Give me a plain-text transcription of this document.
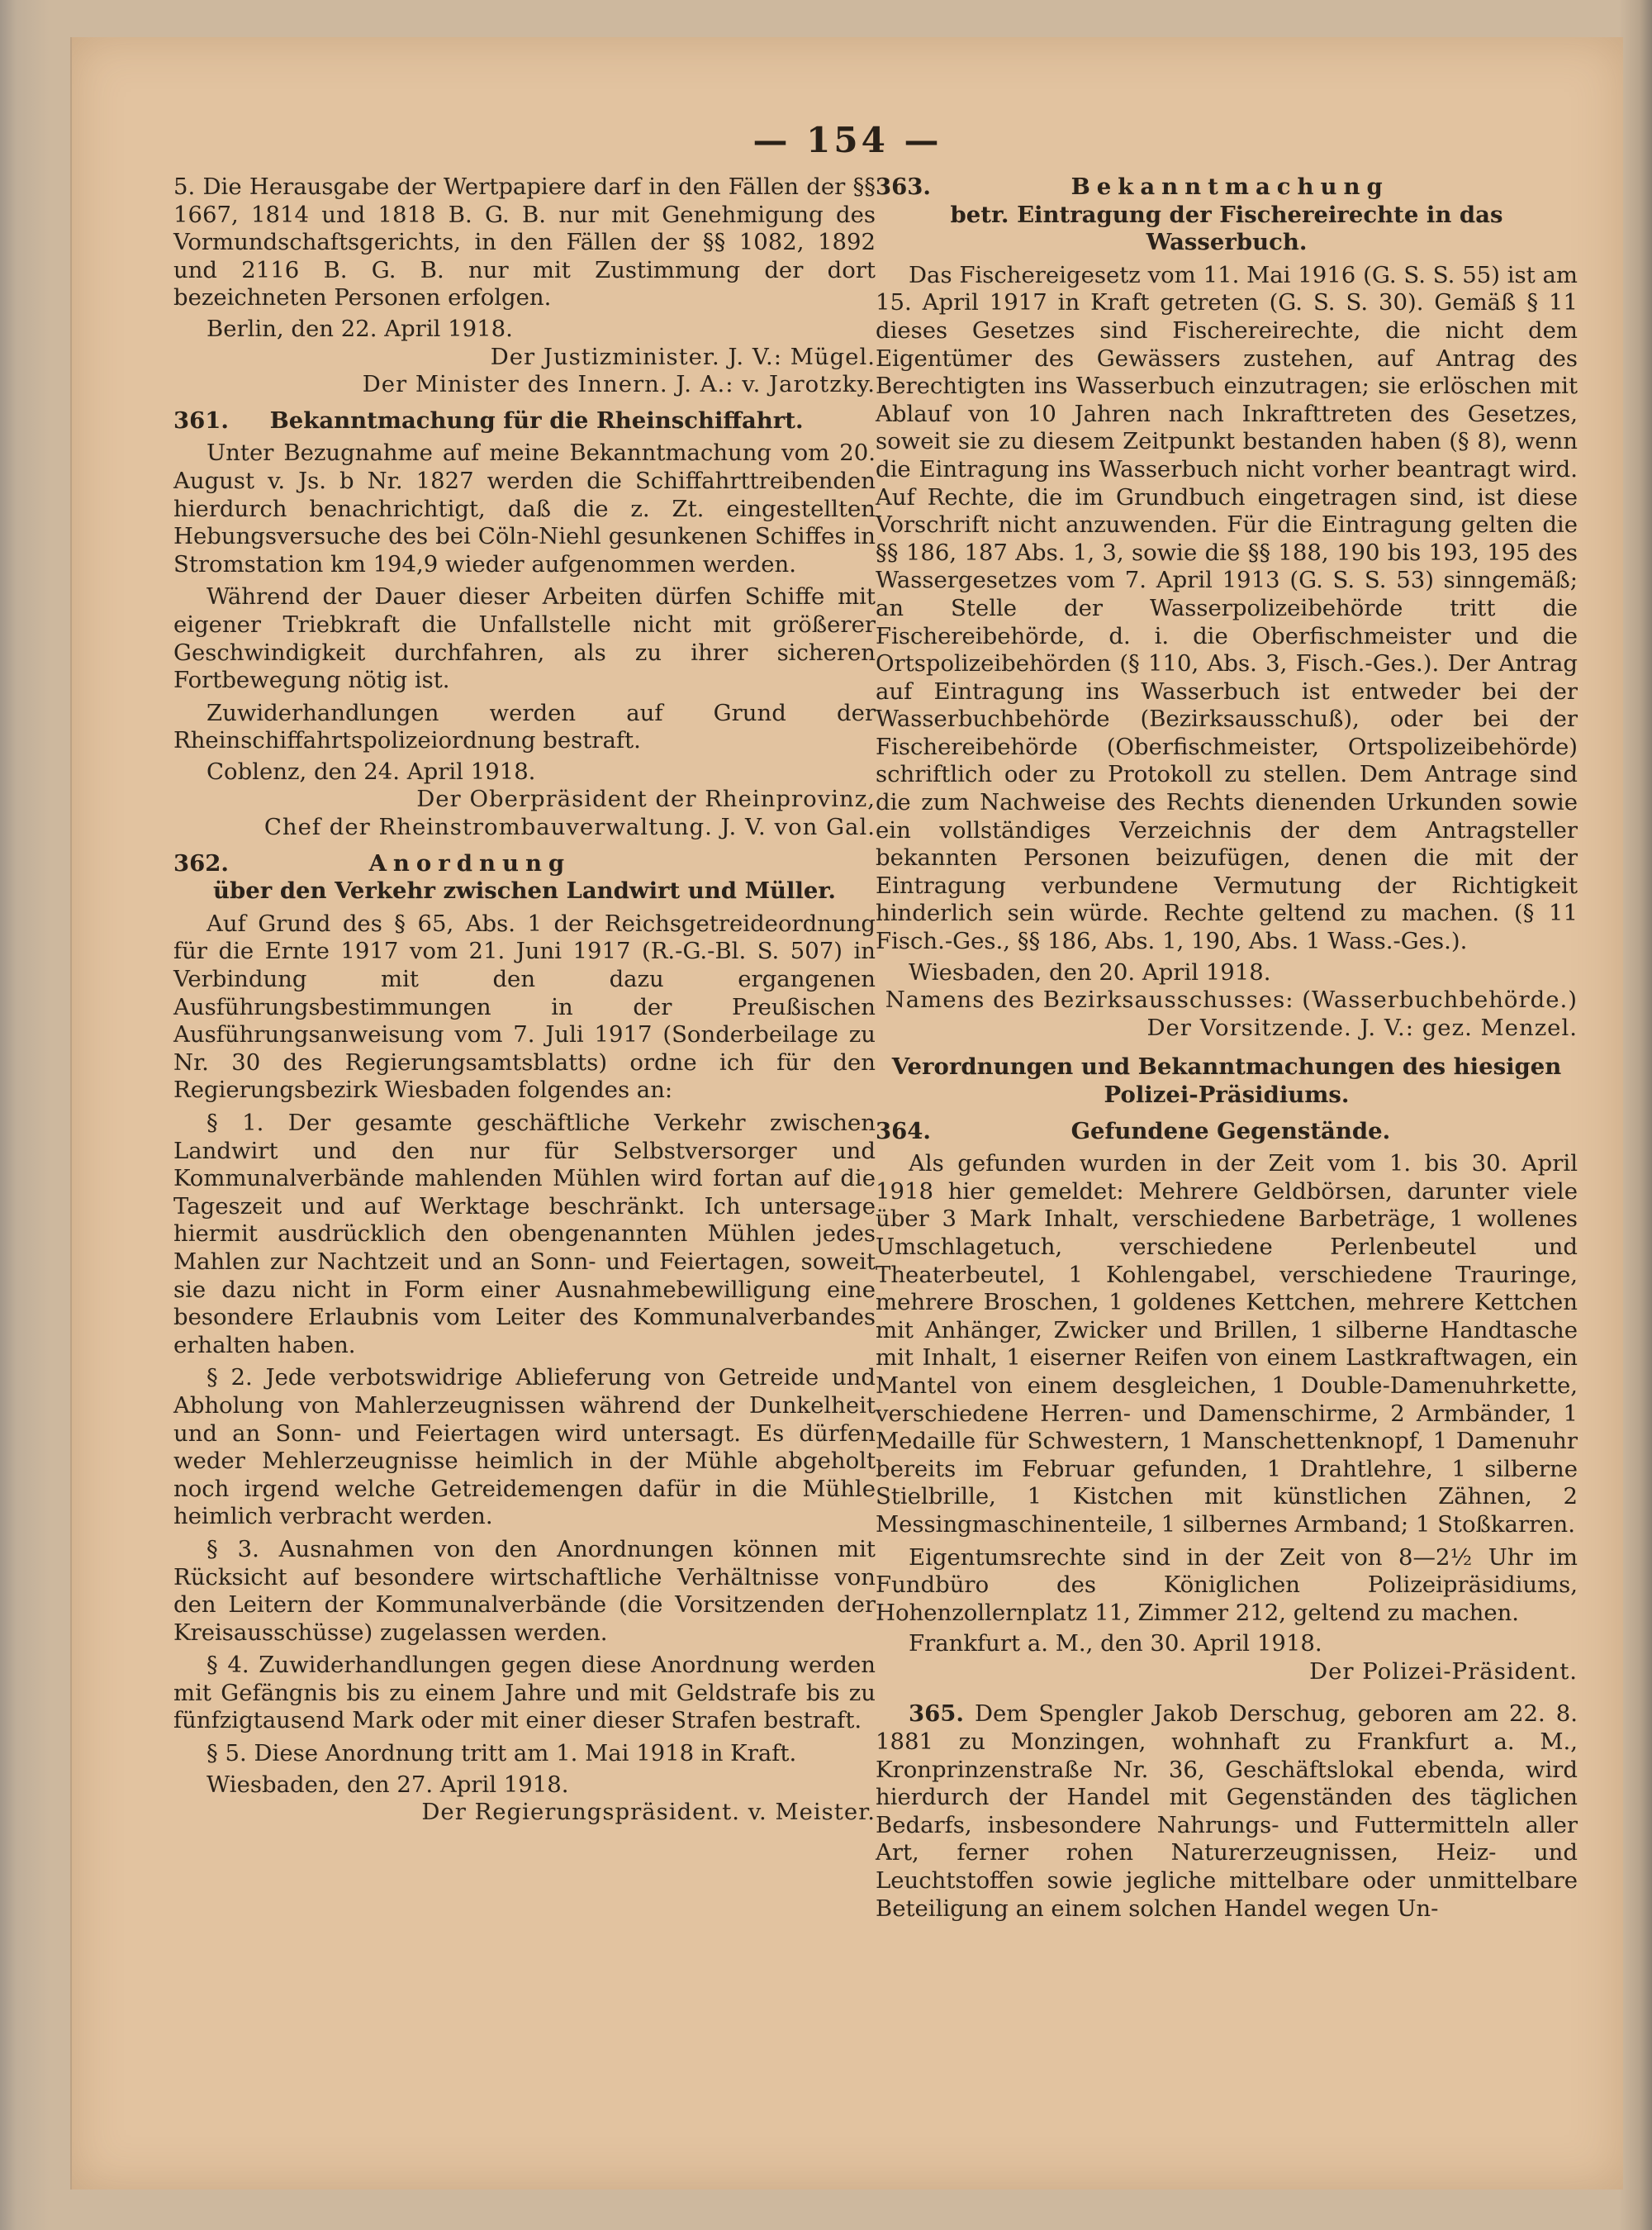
— 154 —

5. Die Herausgabe der Wertpapiere darf in den Fällen der §§ 1667, 1814 und 1818 B. G. B. nur mit Genehmigung des Vormundschaftsgerichts, in den Fällen der §§ 1082, 1892 und 2116 B. G. B. nur mit Zustimmung der dort bezeichneten Personen erfolgen.

Berlin, den 22. April 1918.

Der Justizminister. J. V.: Mügel.

Der Minister des Innern. J. A.: v. Jarotzky.

361. Bekanntmachung für die Rheinschiffahrt.

Unter Bezugnahme auf meine Bekanntmachung vom 20. August v. Js. b Nr. 1827 werden die Schiffahrttreibenden hierdurch benachrichtigt, daß die z. Zt. eingestellten Hebungsversuche des bei Cöln-Niehl gesunkenen Schiffes in Stromstation km 194,9 wieder aufgenommen werden.

Während der Dauer dieser Arbeiten dürfen Schiffe mit eigener Triebkraft die Unfallstelle nicht mit größerer Geschwindigkeit durchfahren, als zu ihrer sicheren Fortbewegung nötig ist.

Zuwiderhandlungen werden auf Grund der Rheinschiffahrtspolizeiordnung bestraft.

Coblenz, den 24. April 1918.

Der Oberpräsident der Rheinprovinz,

Chef der Rheinstrombauverwaltung. J. V. von Gal.

362.	Anordnung

über den Verkehr zwischen Landwirt und Müller.

Auf Grund des § 65, Abs. 1 der Reichsgetreideordnung für die Ernte 1917 vom 21. Juni 1917 (R.-G.-Bl. S. 507) in Verbindung mit den dazu ergangenen Ausführungsbestimmungen in der Preußischen Ausführungsanweisung vom 7. Juli 1917 (Sonderbeilage zu Nr. 30 des Regierungsamtsblatts) ordne ich für den Regierungsbezirk Wiesbaden folgendes an:

§ 1. Der gesamte geschäftliche Verkehr zwischen Landwirt und den nur für Selbstversorger und Kommunalverbände mahlenden Mühlen wird fortan auf die Tageszeit und auf Werktage beschränkt. Ich untersage hiermit ausdrücklich den obengenannten Mühlen jedes Mahlen zur Nachtzeit und an Sonn- und Feiertagen, soweit sie dazu nicht in Form einer Ausnahmebewilligung eine besondere Erlaubnis vom Leiter des Kommunalverbandes erhalten haben.

§ 2. Jede verbotswidrige Ablieferung von Getreide und Abholung von Mahlerzeugnissen während der Dunkelheit und an Sonn- und Feiertagen wird untersagt. Es dürfen weder Mehlerzeugnisse heimlich in der Mühle abgeholt noch irgend welche Getreidemengen dafür in die Mühle heimlich verbracht werden.

§ 3. Ausnahmen von den Anordnungen können mit Rücksicht auf besondere wirtschaftliche Verhältnisse von den Leitern der Kommunalverbände (die Vorsitzenden der Kreisausschüsse) zugelassen werden.

§ 4. Zuwiderhandlungen gegen diese Anordnung werden mit Gefängnis bis zu einem Jahre und mit Geldstrafe bis zu fünfzigtausend Mark oder mit einer dieser Strafen bestraft.

§ 5. Diese Anordnung tritt am 1. Mai 1918 in Kraft.

Wiesbaden, den 27. April 1918.

Der Regierungspräsident. v. Meister.

363.	Bekanntmachung

betr. Eintragung der Fischereirechte in das Wasserbuch.

Das Fischereigesetz vom 11. Mai 1916 (G. S. S. 55) ist am 15. April 1917 in Kraft getreten (G. S. S. 30). Gemäß § 11 dieses Gesetzes sind Fischereirechte, die nicht dem Eigentümer des Gewässers zustehen, auf Antrag des Berechtigten ins Wasserbuch einzutragen; sie erlöschen mit Ablauf von 10 Jahren nach Inkrafttreten des Gesetzes, soweit sie zu diesem Zeitpunkt bestanden haben (§ 8), wenn die Eintragung ins Wasserbuch nicht vorher beantragt wird. Auf Rechte, die im Grundbuch eingetragen sind, ist diese Vorschrift nicht anzuwenden. Für die Eintragung gelten die §§ 186, 187 Abs. 1, 3, sowie die §§ 188, 190 bis 193, 195 des Wassergesetzes vom 7. April 1913 (G. S. S. 53) sinngemäß; an Stelle der Wasserpolizeibehörde tritt die Fischereibehörde, d. i. die Oberfischmeister und die Ortspolizeibehörden (§ 110, Abs. 3, Fisch.-Ges.). Der Antrag auf Eintragung ins Wasserbuch ist entweder bei der Wasserbuchbehörde (Bezirksausschuß), oder bei der Fischereibehörde (Oberfischmeister, Ortspolizeibehörde) schriftlich oder zu Protokoll zu stellen. Dem Antrage sind die zum Nachweise des Rechts dienenden Urkunden sowie ein vollständiges Verzeichnis der dem Antragsteller bekannten Personen beizufügen, denen die mit der Eintragung verbundene Vermutung der Richtigkeit hinderlich sein würde. Rechte geltend zu machen. (§ 11 Fisch.-Ges., §§ 186, Abs. 1, 190, Abs. 1 Wass.-Ges.).

Wiesbaden, den 20. April 1918.

Namens des Bezirksausschusses: (Wasserbuchbehörde.)

Der Vorsitzende. J. V.: gez. Menzel.

Verordnungen und Bekanntmachungen des hiesigen Polizei-Präsidiums.

364.	Gefundene Gegenstände.

Als gefunden wurden in der Zeit vom 1. bis 30. April 1918 hier gemeldet: Mehrere Geldbörsen, darunter viele über 3 Mark Inhalt, verschiedene Barbeträge, 1 wollenes Umschlagetuch, verschiedene Perlenbeutel und Theaterbeutel, 1 Kohlengabel, verschiedene Trauringe, mehrere Broschen, 1 goldenes Kettchen, mehrere Kettchen mit Anhänger, Zwicker und Brillen, 1 silberne Handtasche mit Inhalt, 1 eiserner Reifen von einem Lastkraftwagen, ein Mantel von einem desgleichen, 1 Double-Damenuhrkette, verschiedene Herren- und Damenschirme, 2 Armbänder, 1 Medaille für Schwestern, 1 Manschettenknopf, 1 Damenuhr bereits im Februar gefunden, 1 Drahtlehre, 1 silberne Stielbrille, 1 Kistchen mit künstlichen Zähnen, 2 Messingmaschinenteile, 1 silbernes Armband; 1 Stoßkarren.

Eigentumsrechte sind in der Zeit von 8—2½ Uhr im Fundbüro des Königlichen Polizeipräsidiums, Hohenzollernplatz 11, Zimmer 212, geltend zu machen.

Frankfurt a. M., den 30. April 1918.

Der Polizei-Präsident.

365. Dem Spengler Jakob Derschug, geboren am 22. 8. 1881 zu Monzingen, wohnhaft zu Frankfurt a. M., Kronprinzenstraße Nr. 36, Geschäftslokal ebenda, wird hierdurch der Handel mit Gegenständen des täglichen Bedarfs, insbesondere Nahrungs- und Futtermitteln aller Art, ferner rohen Naturerzeugnissen, Heiz- und Leuchtstoffen sowie jegliche mittelbare oder unmittelbare Beteiligung an einem solchen Handel wegen Un-
